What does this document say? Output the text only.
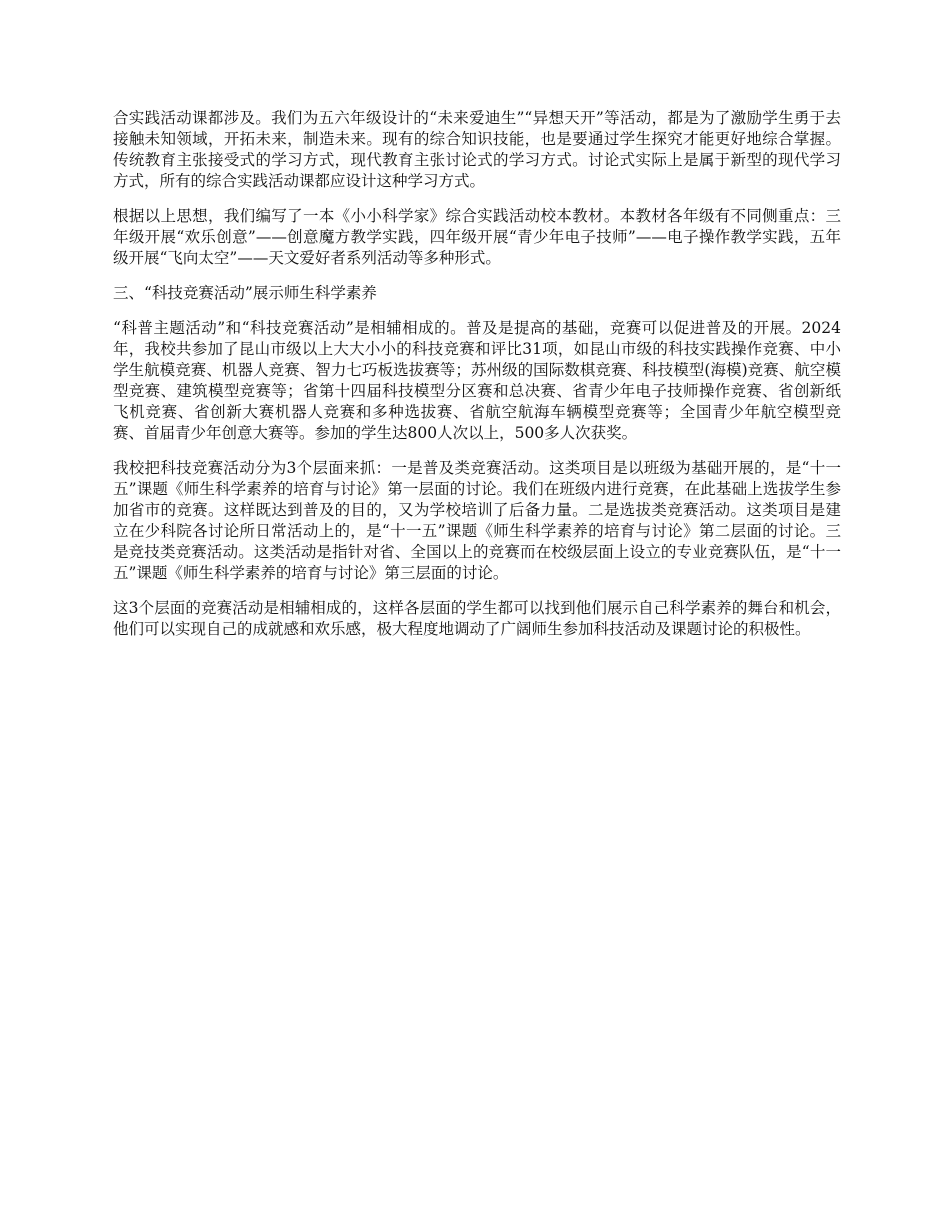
合实践活动课都涉及。我们为五六年级设计的“未来爱迪生”“异想天开”等活动，都是为了激励学生勇于去接触未知领域，开拓未来，制造未来。现有的综合知识技能，也是要通过学生探究才能更好地综合掌握。传统教育主张接受式的学习方式，现代教育主张讨论式的学习方式。讨论式实际上是属于新型的现代学习方式，所有的综合实践活动课都应设计这种学习方式。

根据以上思想，我们编写了一本《小小科学家》综合实践活动校本教材。本教材各年级有不同侧重点：三年级开展“欢乐创意”——创意魔方教学实践，四年级开展“青少年电子技师”——电子操作教学实践，五年级开展“飞向太空”——天文爱好者系列活动等多种形式。

三、“科技竞赛活动”展示师生科学素养

“科普主题活动”和“科技竞赛活动”是相辅相成的。普及是提高的基础，竞赛可以促进普及的开展。2024年，我校共参加了昆山市级以上大大小小的科技竞赛和评比31项，如昆山市级的科技实践操作竞赛、中小学生航模竞赛、机器人竞赛、智力七巧板选拔赛等；苏州级的国际数棋竞赛、科技模型(海模)竞赛、航空模型竞赛、建筑模型竞赛等；省第十四届科技模型分区赛和总决赛、省青少年电子技师操作竞赛、省创新纸飞机竞赛、省创新大赛机器人竞赛和多种选拔赛、省航空航海车辆模型竞赛等；全国青少年航空模型竞赛、首届青少年创意大赛等。参加的学生达800人次以上，500多人次获奖。

我校把科技竞赛活动分为3个层面来抓：一是普及类竞赛活动。这类项目是以班级为基础开展的，是“十一五”课题《师生科学素养的培育与讨论》第一层面的讨论。我们在班级内进行竞赛，在此基础上选拔学生参加省市的竞赛。这样既达到普及的目的，又为学校培训了后备力量。二是选拔类竞赛活动。这类项目是建立在少科院各讨论所日常活动上的，是“十一五”课题《师生科学素养的培育与讨论》第二层面的讨论。三是竞技类竞赛活动。这类活动是指针对省、全国以上的竞赛而在校级层面上设立的专业竞赛队伍，是“十一五”课题《师生科学素养的培育与讨论》第三层面的讨论。

这3个层面的竞赛活动是相辅相成的，这样各层面的学生都可以找到他们展示自己科学素养的舞台和机会，他们可以实现自己的成就感和欢乐感，极大程度地调动了广阔师生参加科技活动及课题讨论的积极性。
